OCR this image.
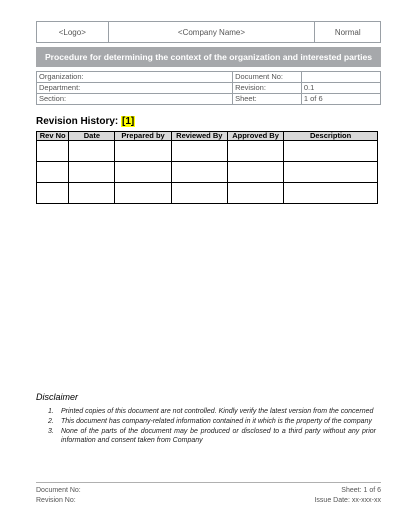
<Logo>	<Company Name>	Normal
Procedure for determining the context of the organization and interested parties
Organization:	Document No:	
Department:	Revision:	0.1
Section:	Sheet:	1 of 6
Revision History: [1]
Rev No	Date	Prepared by	Reviewed By	Approved By	Description

Disclaimer
1.	Printed copies of this document are not controlled. Kindly verify the latest version from the concerned
2.	This document has company-related information contained in it which is the property of the company
3.	None of the parts of the document may be produced or disclosed to a third party without any prior information and consent taken from Company
Document No:
Revision No:
Sheet: 1 of 6
Issue Date: xx-xxx-xx
